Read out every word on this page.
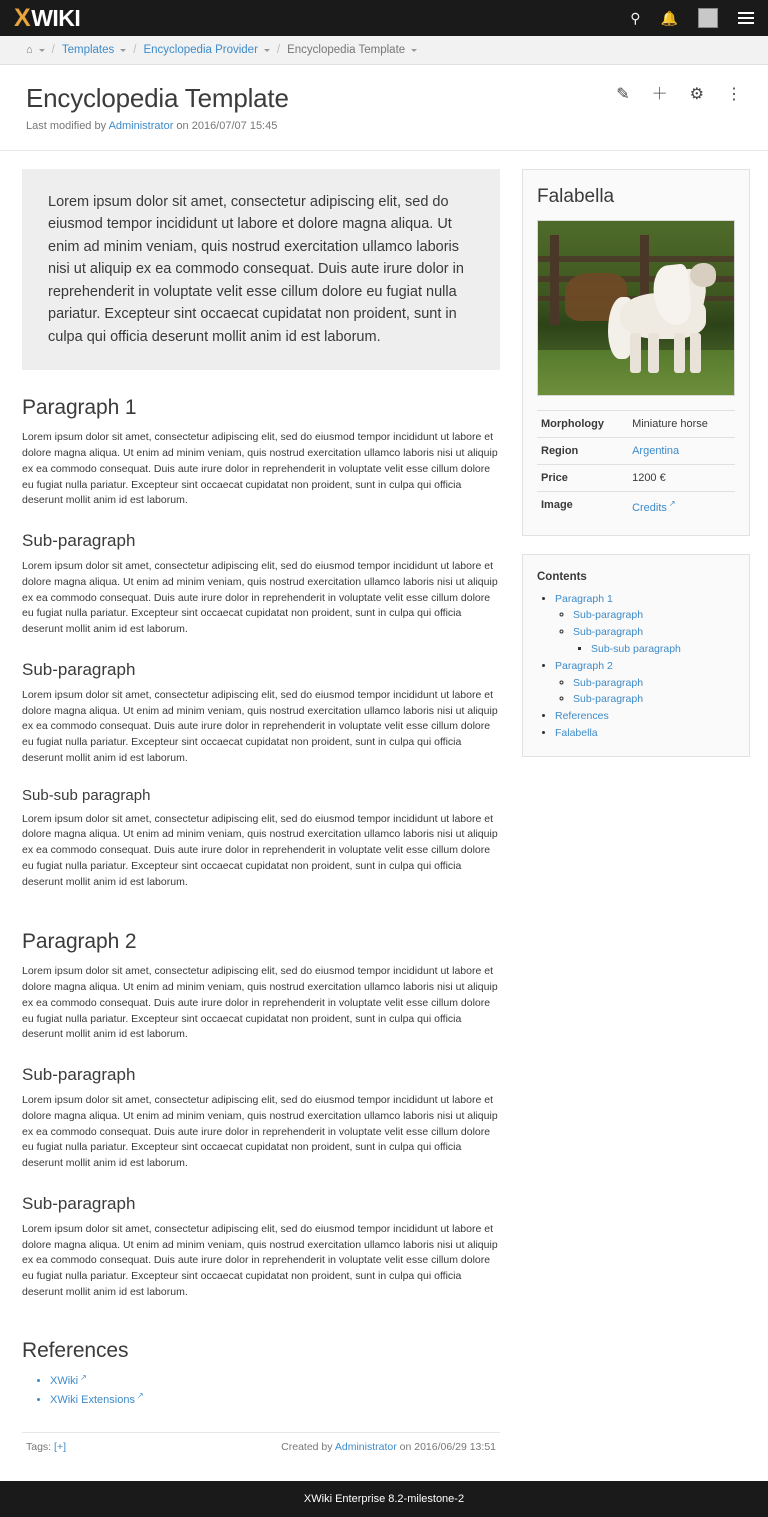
X WIKI	⚲ 🔔
⌂ / Templates / Encyclopedia Provider / Encyclopedia Template
Encyclopedia Template
Last modified by Administrator on 2016/07/07 15:45
✎ ＋ ⚙ ⋮
Lorem ipsum dolor sit amet, consectetur adipiscing elit, sed do eiusmod tempor incididunt ut labore et dolore magna aliqua. Ut enim ad minim veniam, quis nostrud exercitation ullamco laboris nisi ut aliquip ex ea commodo consequat. Duis aute irure dolor in reprehenderit in voluptate velit esse cillum dolore eu fugiat nulla pariatur. Excepteur sint occaecat cupidatat non proident, sunt in culpa qui officia deserunt mollit anim id est laborum.
Paragraph 1

Lorem ipsum dolor sit amet, consectetur adipiscing elit, sed do eiusmod tempor incididunt ut labore et dolore magna aliqua. Ut enim ad minim veniam, quis nostrud exercitation ullamco laboris nisi ut aliquip ex ea commodo consequat. Duis aute irure dolor in reprehenderit in voluptate velit esse cillum dolore eu fugiat nulla pariatur. Excepteur sint occaecat cupidatat non proident, sunt in culpa qui officia deserunt mollit anim id est laborum.

Sub-paragraph

Lorem ipsum dolor sit amet, consectetur adipiscing elit, sed do eiusmod tempor incididunt ut labore et dolore magna aliqua. Ut enim ad minim veniam, quis nostrud exercitation ullamco laboris nisi ut aliquip ex ea commodo consequat. Duis aute irure dolor in reprehenderit in voluptate velit esse cillum dolore eu fugiat nulla pariatur. Excepteur sint occaecat cupidatat non proident, sunt in culpa qui officia deserunt mollit anim id est laborum.

Sub-paragraph

Lorem ipsum dolor sit amet, consectetur adipiscing elit, sed do eiusmod tempor incididunt ut labore et dolore magna aliqua. Ut enim ad minim veniam, quis nostrud exercitation ullamco laboris nisi ut aliquip ex ea commodo consequat. Duis aute irure dolor in reprehenderit in voluptate velit esse cillum dolore eu fugiat nulla pariatur. Excepteur sint occaecat cupidatat non proident, sunt in culpa qui officia deserunt mollit anim id est laborum.

Sub-sub paragraph

Lorem ipsum dolor sit amet, consectetur adipiscing elit, sed do eiusmod tempor incididunt ut labore et dolore magna aliqua. Ut enim ad minim veniam, quis nostrud exercitation ullamco laboris nisi ut aliquip ex ea commodo consequat. Duis aute irure dolor in reprehenderit in voluptate velit esse cillum dolore eu fugiat nulla pariatur. Excepteur sint occaecat cupidatat non proident, sunt in culpa qui officia deserunt mollit anim id est laborum.

Paragraph 2

Lorem ipsum dolor sit amet, consectetur adipiscing elit, sed do eiusmod tempor incididunt ut labore et dolore magna aliqua. Ut enim ad minim veniam, quis nostrud exercitation ullamco laboris nisi ut aliquip ex ea commodo consequat. Duis aute irure dolor in reprehenderit in voluptate velit esse cillum dolore eu fugiat nulla pariatur. Excepteur sint occaecat cupidatat non proident, sunt in culpa qui officia deserunt mollit anim id est laborum.

Sub-paragraph

Lorem ipsum dolor sit amet, consectetur adipiscing elit, sed do eiusmod tempor incididunt ut labore et dolore magna aliqua. Ut enim ad minim veniam, quis nostrud exercitation ullamco laboris nisi ut aliquip ex ea commodo consequat. Duis aute irure dolor in reprehenderit in voluptate velit esse cillum dolore eu fugiat nulla pariatur. Excepteur sint occaecat cupidatat non proident, sunt in culpa qui officia deserunt mollit anim id est laborum.

Sub-paragraph

Lorem ipsum dolor sit amet, consectetur adipiscing elit, sed do eiusmod tempor incididunt ut labore et dolore magna aliqua. Ut enim ad minim veniam, quis nostrud exercitation ullamco laboris nisi ut aliquip ex ea commodo consequat. Duis aute irure dolor in reprehenderit in voluptate velit esse cillum dolore eu fugiat nulla pariatur. Excepteur sint occaecat cupidatat non proident, sunt in culpa qui officia deserunt mollit anim id est laborum.

References
• XWiki ↗
• XWiki Extensions ↗
Tags: [+]	Created by Administrator on 2016/06/29 13:51
Falabella
Morphology	Miniature horse
Region	Argentina
Price	1200 €
Image	Credits ↗
Contents
• Paragraph 1
◦ Sub-paragraph
◦ Sub-paragraph
▪ Sub-sub paragraph
• Paragraph 2
◦ Sub-paragraph
◦ Sub-paragraph
• References
• Falabella
XWiki Enterprise 8.2-milestone-2
